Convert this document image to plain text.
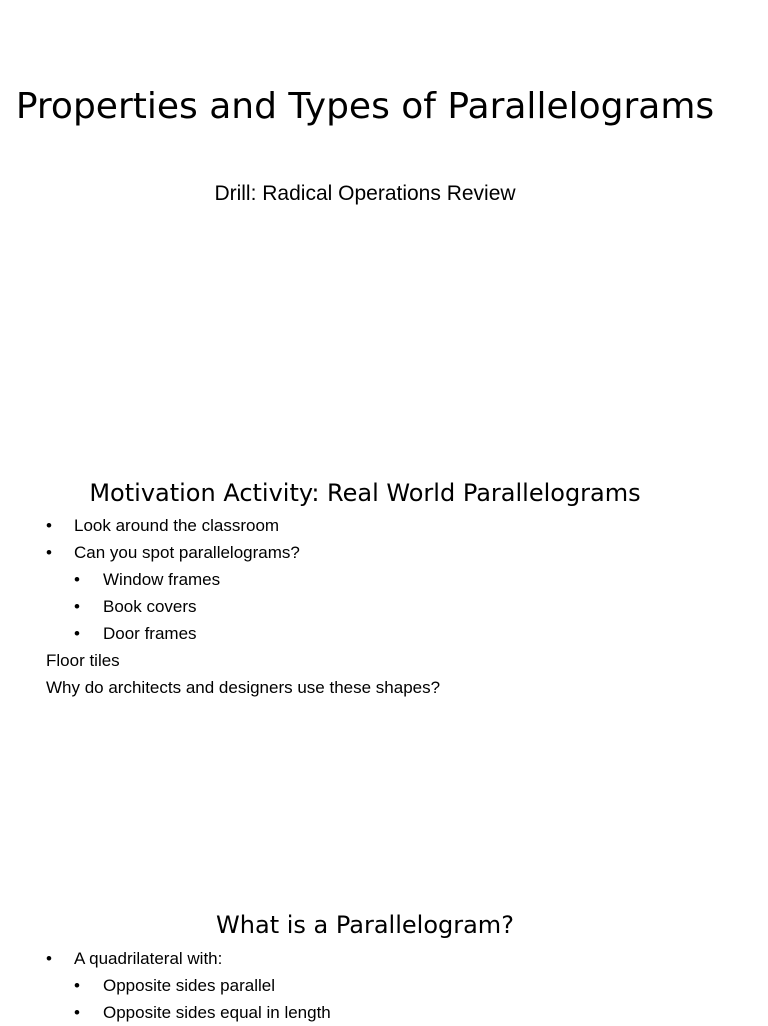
Properties and Types of Parallelograms

Drill: Radical Operations Review

Motivation Activity: Real World Parallelograms
• Look around the classroom
• Can you spot parallelograms?
• Window frames
• Book covers
• Door frames

Floor tiles

Why do architects and designers use these shapes?

What is a Parallelogram?
• A quadrilateral with:
• Opposite sides parallel
• Opposite sides equal in length
